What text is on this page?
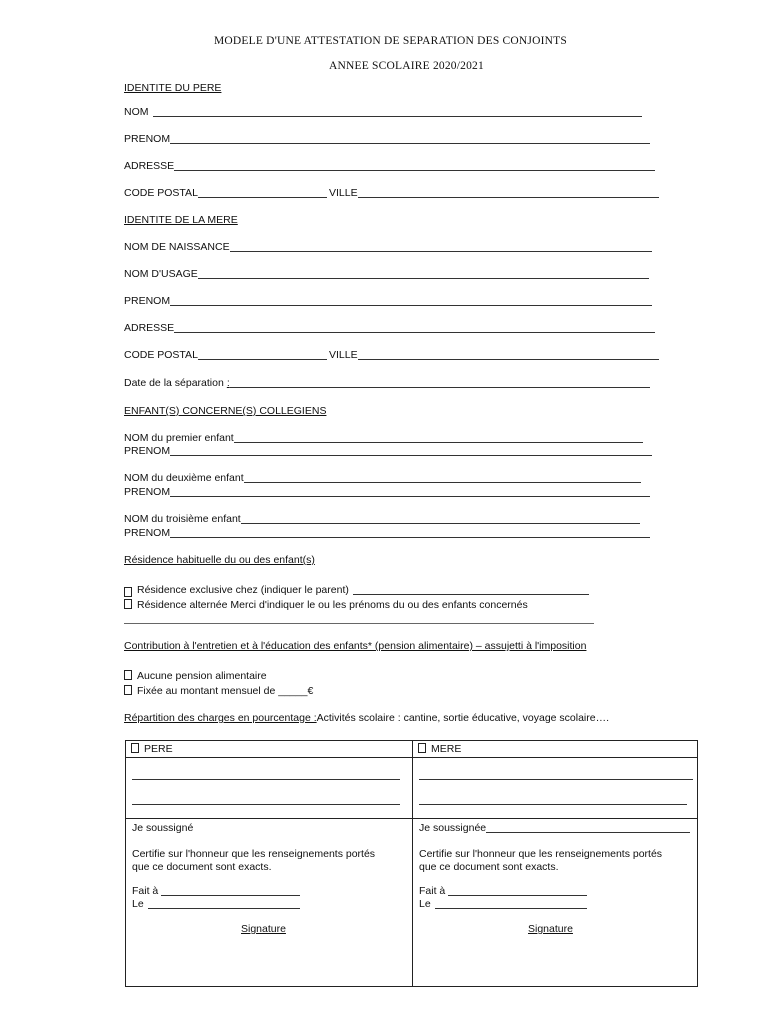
MODELE D'UNE ATTESTATION DE SEPARATION DES CONJOINTS
ANNEE SCOLAIRE 2020/2021
IDENTITE DU PERE
NOM
PRENOM
ADRESSE
CODE POSTAL	VILLE
IDENTITE DE LA MERE
NOM DE NAISSANCE
NOM D'USAGE
PRENOM
ADRESSE
CODE POSTAL	VILLE
Date de la séparation :
ENFANT(S) CONCERNE(S) COLLEGIENS
NOM du premier enfant
PRENOM
NOM du deuxième enfant
PRENOM
NOM du troisième enfant
PRENOM
Résidence habituelle du ou des enfant(s)
Résidence exclusive chez (indiquer le parent)
Résidence alternée Merci d'indiquer le ou les prénoms du ou des enfants concernés
Contribution à l'entretien et à l'éducation des enfants* (pension alimentaire) – assujetti à l'imposition
Aucune pension alimentaire
Fixée au montant mensuel de _____€
Répartition des charges en pourcentage :Activités scolaire : cantine, sortie éducative, voyage scolaire….
PERE
Je soussigné
Certifie sur l'honneur que les renseignements portés
que ce document sont exacts.
Fait à
Le
Signature
MERE
Je soussignée
Certifie sur l'honneur que les renseignements portés
que ce document sont exacts.
Fait à
Le
Signature
